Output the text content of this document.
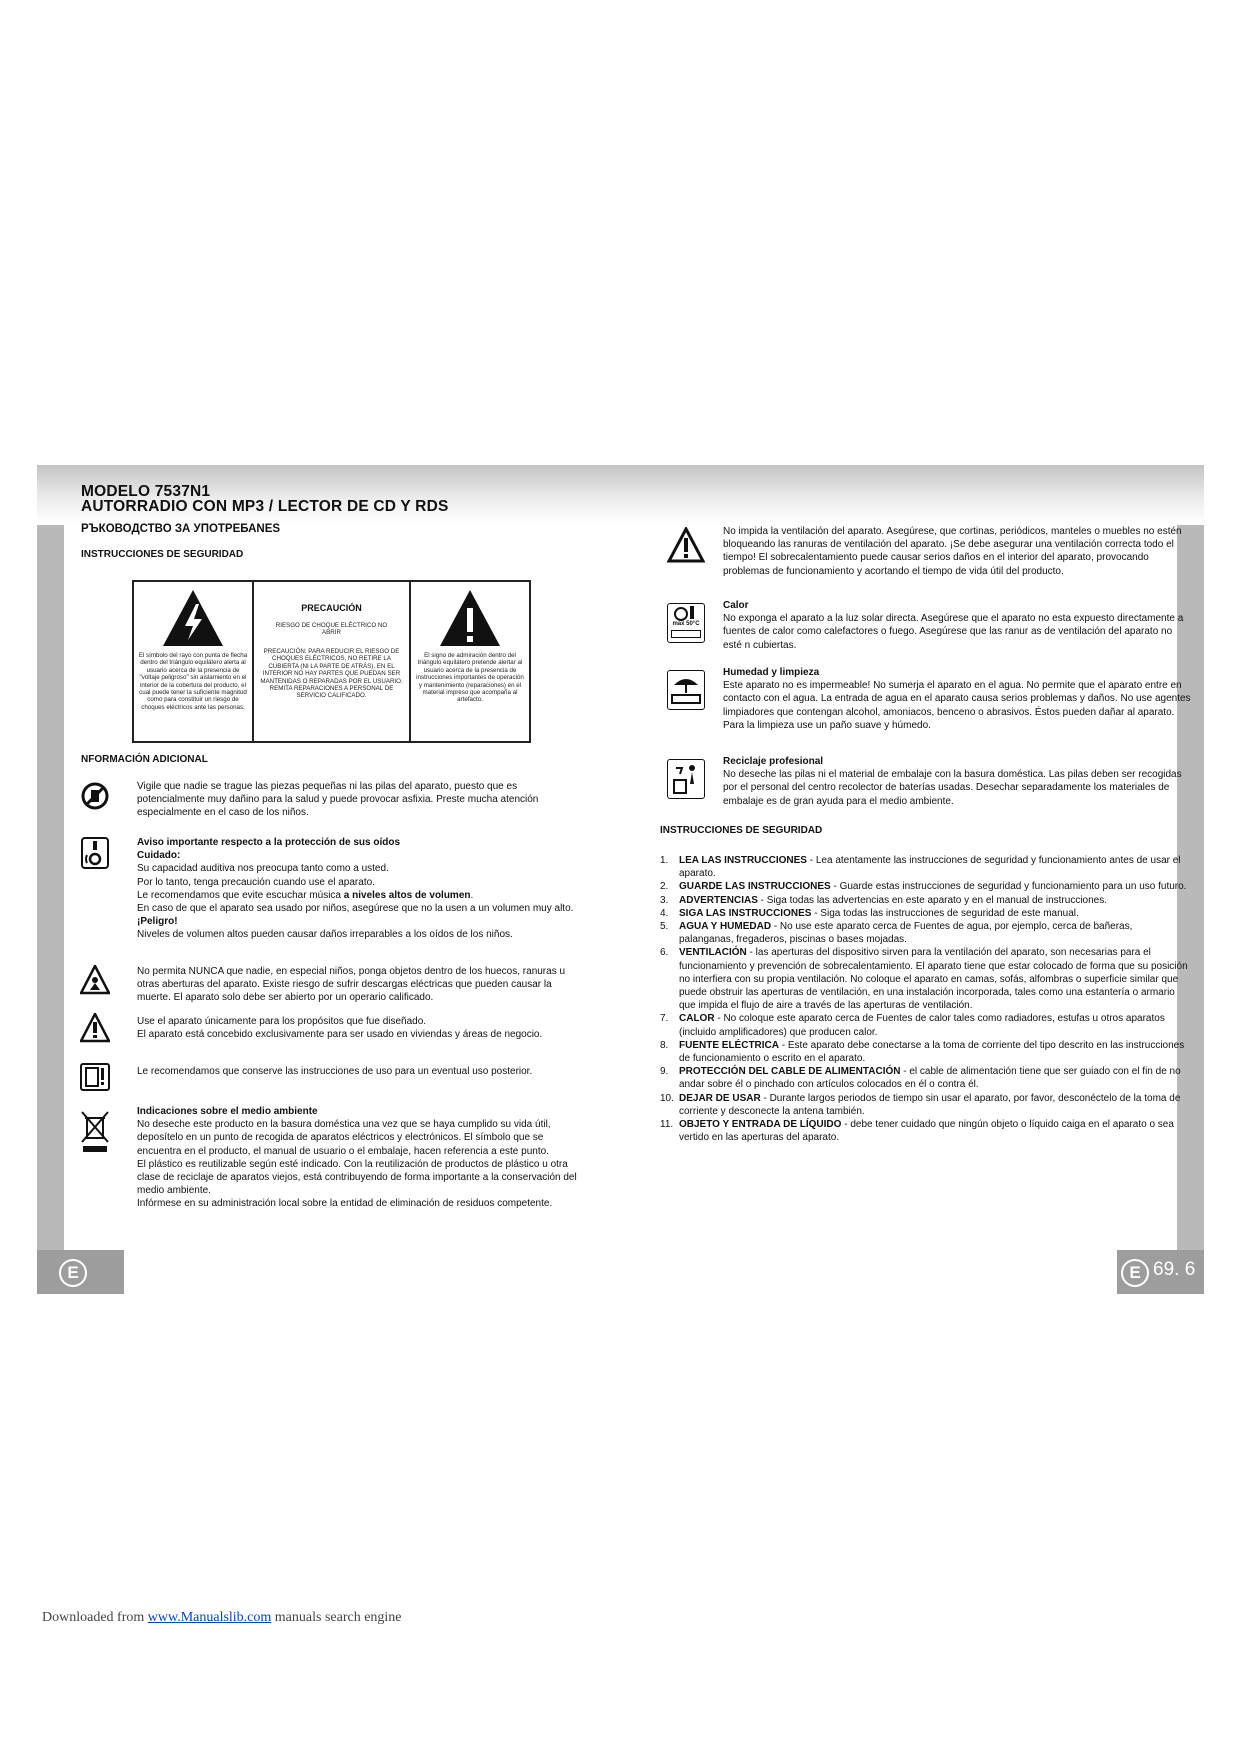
MODELO 7537N1
AUTORRADIO CON MP3 / LECTOR DE CD Y RDS
РЪКОВОДСТВО ЗА УПОТРЕБАNES
INSTRUCCIONES DE SEGURIDAD
El símbolo del rayo con punta de flecha dentro del triángulo equilátero alerta al usuario acerca de la presencia de "voltaje peligroso" sin aislamiento en el interior de la cobertura del producto, el cual puede tener la suficiente magnitud como para constituir un riesgo de choques eléctricos ante las personas.
PRECAUCIÓN
RIESGO DE CHOQUE ELÉCTRICO NO ABRIR
PRECAUCIÓN: PARA REDUCIR EL RIESGO DE CHOQUES ELÉCTRICOS, NO RETIRE LA CUBIERTA (NI LA PARTE DE ATRÁS). EN EL INTERIOR NO HAY PARTES QUE PUEDAN SER MANTENIDAS O REPARADAS POR EL USUARIO. REMITA REPARACIONES A PERSONAL DE SERVICIO CALIFICADO.
El signo de admiración dentro del triángulo equilátero pretende alertar al usuario acerca de la presencia de instrucciones importantes de operación y mantenimiento (reparaciones) en el material impreso que acompaña al artefacto.
NFORMACIÓN ADICIONAL
Vigile que nadie se trague las piezas pequeñas ni las pilas del aparato, puesto que es potencialmente muy dañino para la salud y puede provocar asfixia. Preste mucha atención especialmente en el caso de los niños.

Aviso importante respecto a la protección de sus oídos

Cuidado:

Su capacidad auditiva nos preocupa tanto como a usted.

Por lo tanto, tenga precaución cuando use el aparato.

Le recomendamos que evite escuchar música a niveles altos de volumen.

En caso de que el aparato sea usado por niños, asegúrese que no la usen a un volumen muy alto.

¡Peligro!

Niveles de volumen altos pueden causar daños irreparables a los oídos de los niños.

No permita NUNCA que nadie, en especial niños, ponga objetos dentro de los huecos, ranuras u otras aberturas del aparato. Existe riesgo de sufrir descargas eléctricas que pueden causar la muerte. El aparato solo debe ser abierto por un operario calificado.

Use el aparato únicamente para los propósitos que fue diseñado.

El aparato está concebido exclusivamente para ser usado en viviendas y áreas de negocio.

Le recomendamos que conserve las instrucciones de uso para un eventual uso posterior.

Indicaciones sobre el medio ambiente

No deseche este producto en la basura doméstica una vez que se haya cumplido su vida útil, deposítelo en un punto de recogida de aparatos eléctricos y electrónicos. El símbolo que se encuentra en el producto, el manual de usuario o el embalaje, hacen referencia a este punto.

El plástico es reutilizable según esté indicado. Con la reutilización de productos de plástico u otra clase de reciclaje de aparatos viejos, está contribuyendo de forma importante a la conservación del medio ambiente.

Infórmese en su administración local sobre la entidad de eliminación de residuos competente.

No impida la ventilación del aparato. Asegúrese, que cortinas, periódicos, manteles o muebles no estén bloqueando las ranuras de ventilación del aparato. ¡Se debe asegurar una ventilación correcta todo el tiempo! El sobrecalentamiento puede causar serios daños en el interior del aparato, provocando problemas de funcionamiento y acortando el tiempo de vida útil del producto.
max 50°C

Calor

No exponga el aparato a la luz solar directa. Asegúrese que el aparato no esta expuesto directamente a fuentes de calor como calefactores o fuego. Asegúrese que las ranur as de ventilación del aparato no esté n cubiertas.

Humedad y limpieza

Este aparato no es impermeable! No sumerja el aparato en el agua. No permite que el aparato entre en contacto con el agua. La entrada de agua en el aparato causa serios problemas y daños. No use agentes limpiadores que contengan alcohol, amoniacos, benceno o abrasivos. Éstos pueden dañar al aparato. Para la limpieza use un paño suave y húmedo.

Reciclaje profesional

No deseche las pilas ni el material de embalaje con la basura doméstica. Las pilas deben ser recogidas por el personal del centro recolector de baterías usadas. Desechar separadamente los materiales de embalaje es de gran ayuda para el medio ambiente.

INSTRUCCIONES DE SEGURIDAD
1. LEA LAS INSTRUCCIONES - Lea atentamente las instrucciones de seguridad y funcionamiento antes de usar el aparato.
2. GUARDE LAS INSTRUCCIONES - Guarde estas instrucciones de seguridad y funcionamiento para un uso futuro.
3. ADVERTENCIAS - Siga todas las advertencias en este aparato y en el manual de instrucciones.
4. SIGA LAS INSTRUCCIONES - Siga todas las instrucciones de seguridad de este manual.
5. AGUA Y HUMEDAD - No use este aparato cerca de Fuentes de agua, por ejemplo, cerca de bañeras, palanganas, fregaderos, piscinas o bases mojadas.
6. VENTILACIÓN - las aperturas del dispositivo sirven para la ventilación del aparato, son necesarias para el funcionamiento y prevención de sobrecalentamiento. El aparato tiene que estar colocado de forma que su posición no interfiera con su propia ventilación. No coloque el aparato en camas, sofás, alfombras o superficie similar que puede obstruir las aperturas de ventilación, en una instalación incorporada, tales como una estantería o armario que impida el flujo de aire a través de las aperturas de ventilación.
7. CALOR - No coloque este aparato cerca de Fuentes de calor tales como radiadores, estufas u otros aparatos (incluido amplificadores) que producen calor.
8. FUENTE ELÉCTRICA - Este aparato debe conectarse a la toma de corriente del tipo descrito en las instrucciones de funcionamiento o escrito en el aparato.
9. PROTECCIÓN DEL CABLE DE ALIMENTACIÓN - el cable de alimentación tiene que ser guiado con el fin de no andar sobre él o pinchado con artículos colocados en él o contra él.
10. DEJAR DE USAR - Durante largos periodos de tiempo sin usar el aparato, por favor, desconéctelo de la toma de corriente y desconecte la antena también.
11. OBJETO Y ENTRADA DE LÍQUIDO - debe tener cuidado que ningún objeto o líquido caiga en el aparato o sea vertido en las aperturas del aparato.
E	E 69. 6
Downloaded from www.Manualslib.com manuals search engine
